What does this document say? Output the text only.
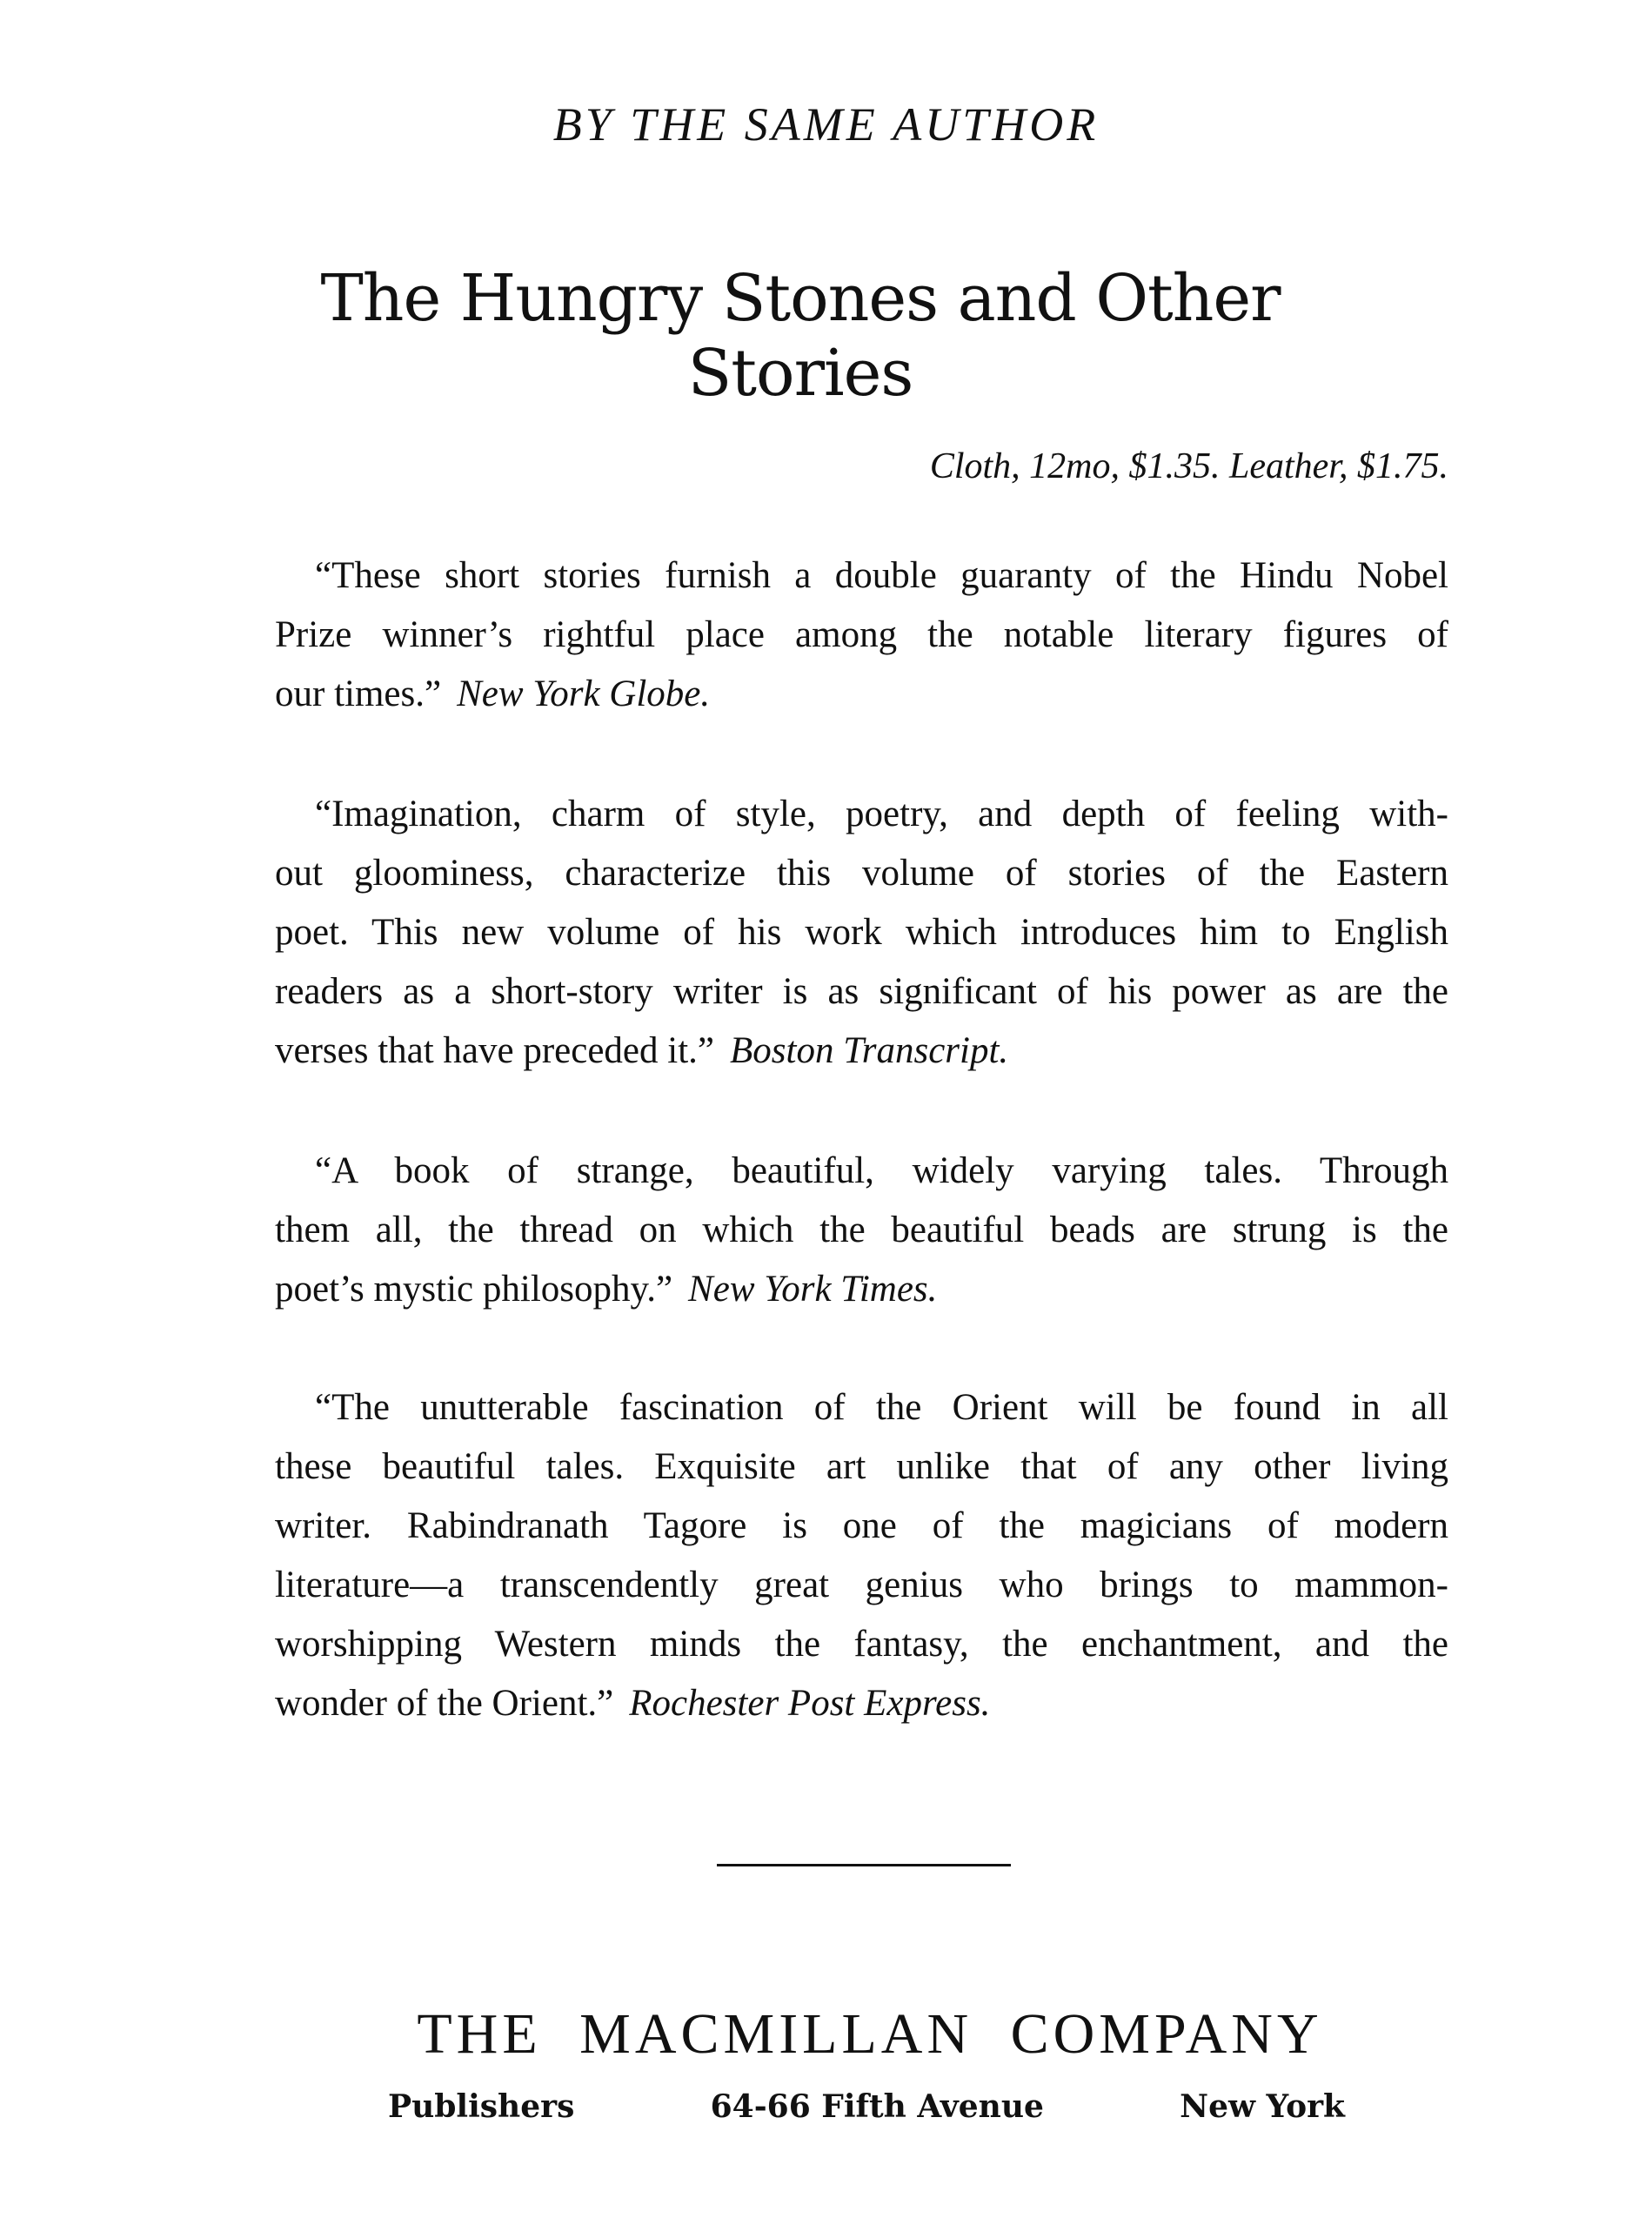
BY THE SAME AUTHOR
The Hungry Stones and Other Stories
Cloth, 12mo, $1.35. Leather, $1.75.
“These short stories furnish a double guaranty of the Hindu Nobel
Prize winner’s rightful place among the notable literary figures of
our times.” New York Globe.
“Imagination, charm of style, poetry, and depth of feeling with-
out gloominess, characterize this volume of stories of the Eastern
poet. This new volume of his work which introduces him to English
readers as a short-story writer is as significant of his power as are the
verses that have preceded it.” Boston Transcript.
“A book of strange, beautiful, widely varying tales. Through
them all, the thread on which the beautiful beads are strung is the
poet’s mystic philosophy.” New York Times.
“The unutterable fascination of the Orient will be found in all
these beautiful tales. Exquisite art unlike that of any other living
writer. Rabindranath Tagore is one of the magicians of modern
literature—a transcendently great genius who brings to mammon-
worshipping Western minds the fantasy, the enchantment, and the
wonder of the Orient.” Rochester Post Express.
THE MACMILLAN COMPANY
Publishers	64-66 Fifth Avenue	New York
